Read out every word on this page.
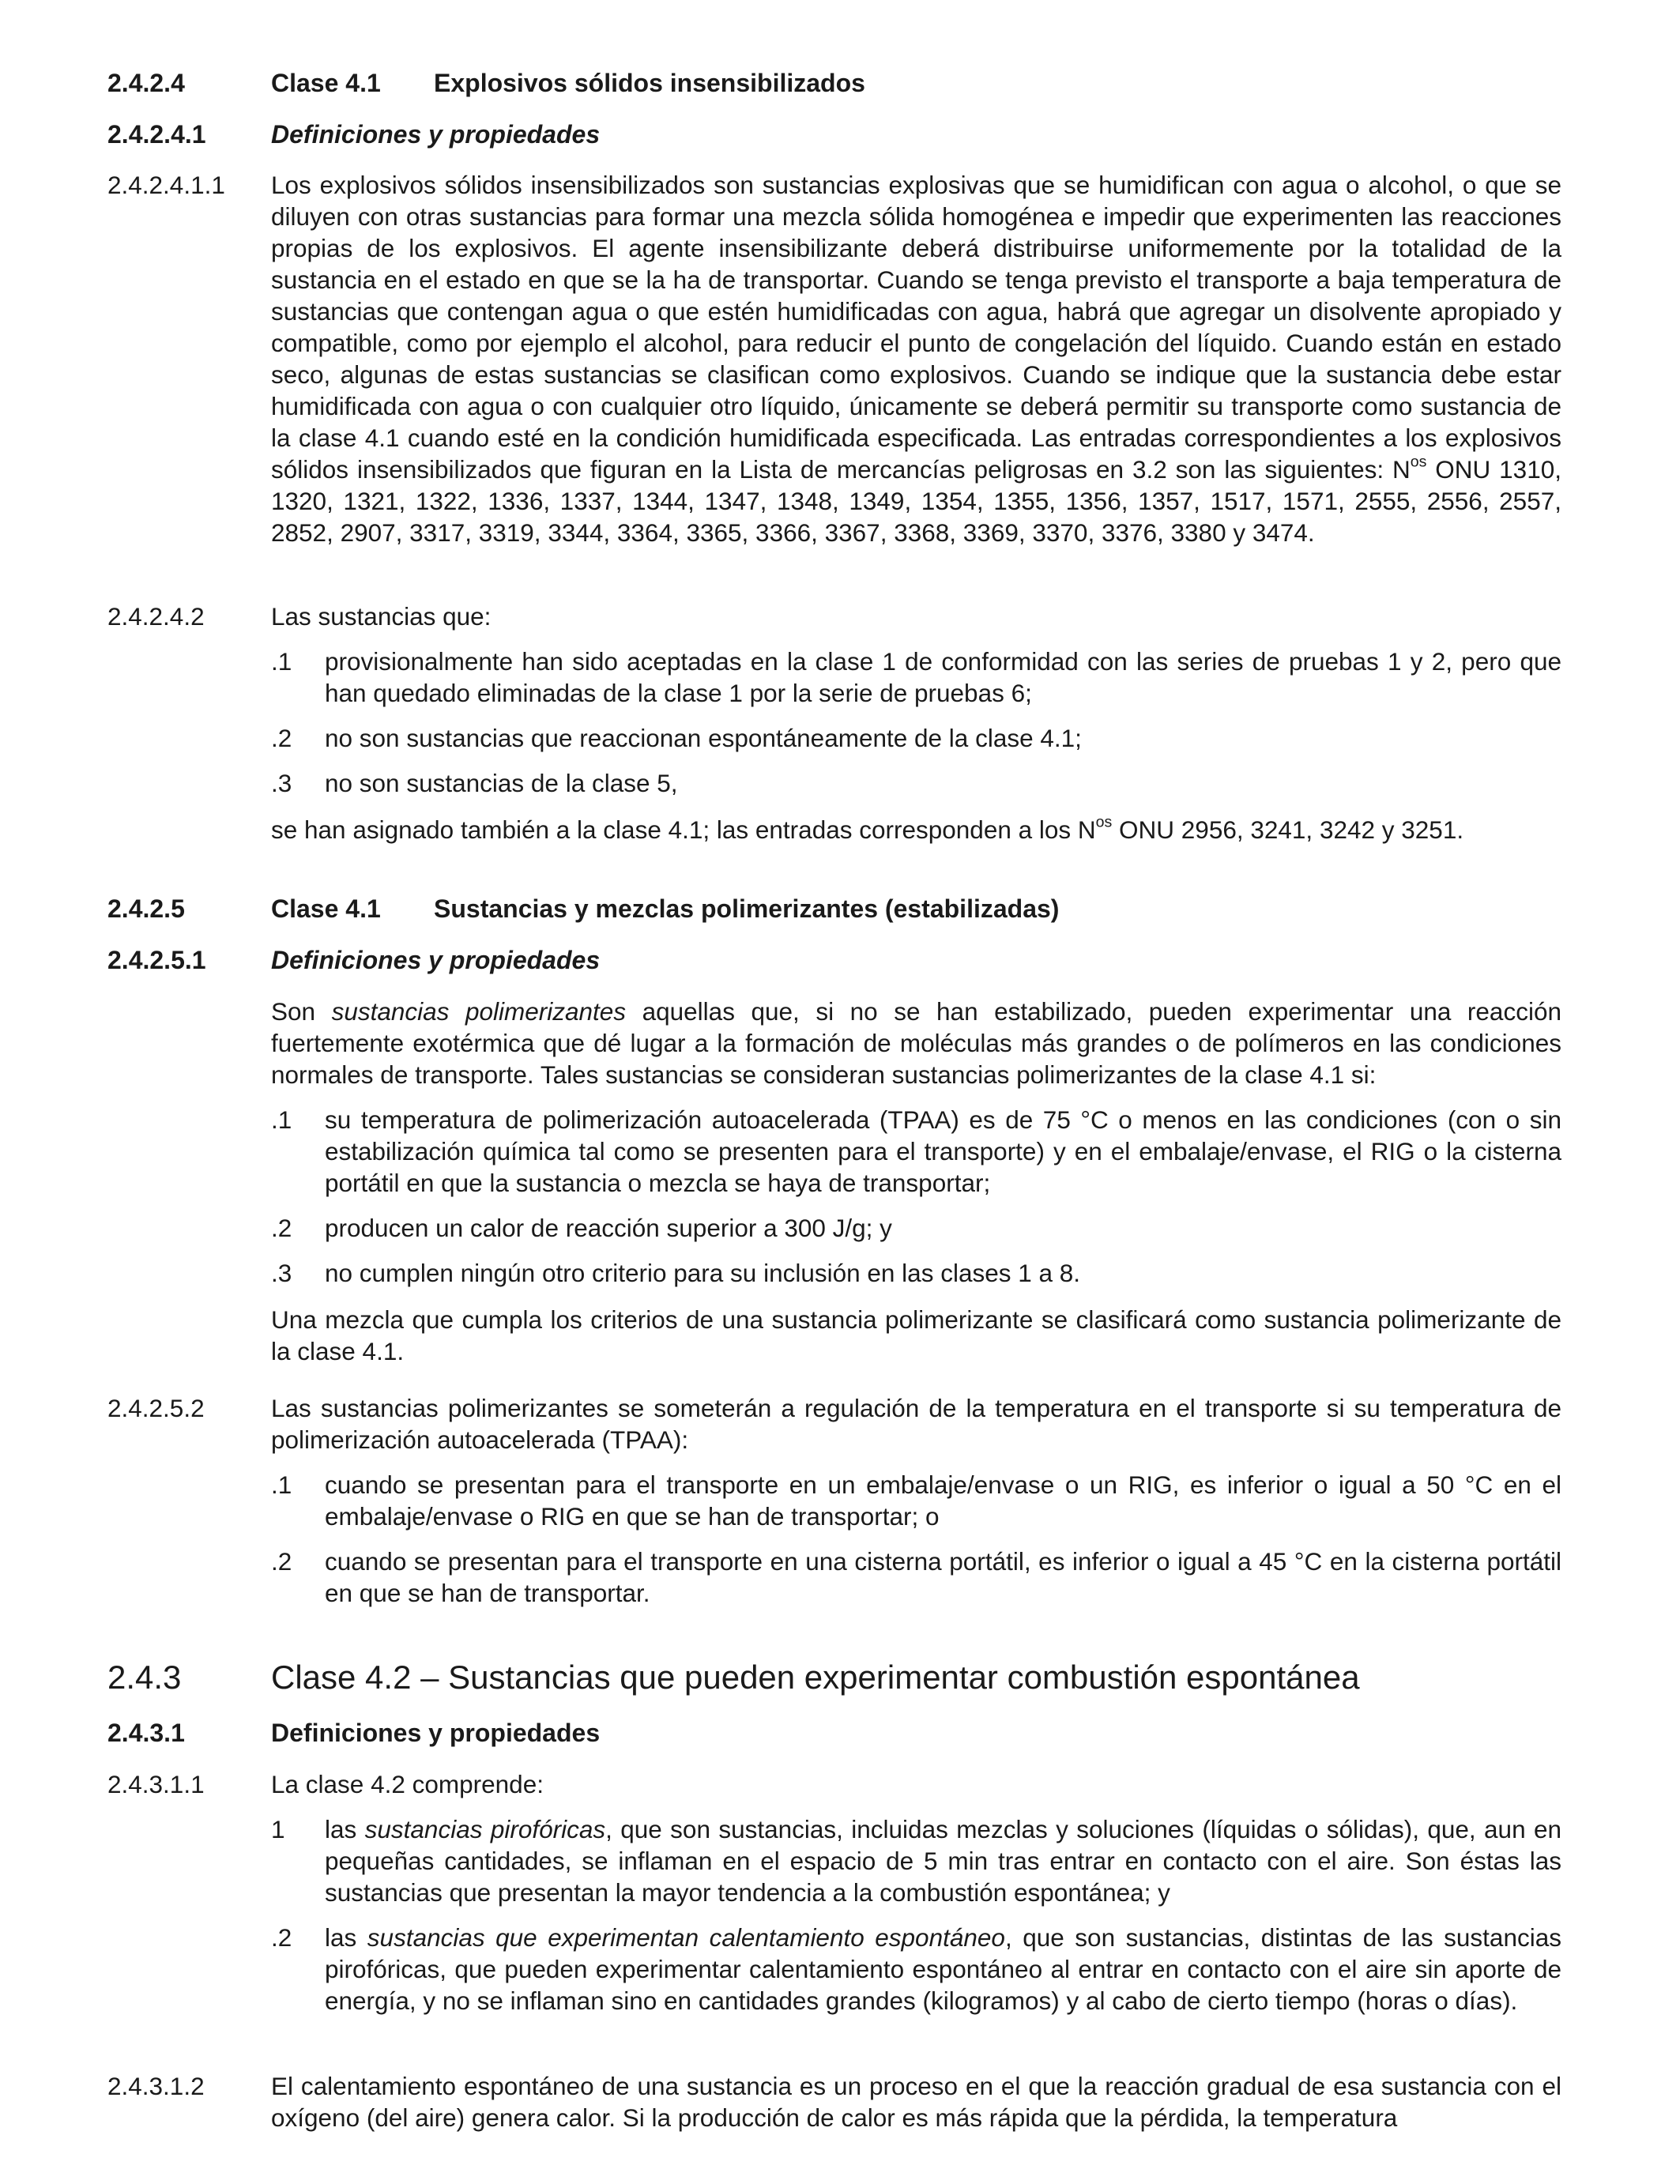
2.4.2.4	Clase 4.1 Explosivos sólidos insensibilizados
2.4.2.4.1	Definiciones y propiedades
2.4.2.4.1.1 Los explosivos sólidos insensibilizados son sustancias explosivas que se humidifican con agua o alcohol, o que se diluyen con otras sustancias para formar una mezcla sólida homogénea e impedir que experimenten las reacciones propias de los explosivos. El agente insensibilizante deberá distribuirse uniformemente por la totalidad de la sustancia en el estado en que se la ha de transportar. Cuando se tenga previsto el transporte a baja temperatura de sustancias que contengan agua o que estén humidificadas con agua, habrá que agregar un disolvente apropiado y compatible, como por ejemplo el alcohol, para reducir el punto de congelación del líquido. Cuando están en estado seco, algunas de estas sustancias se clasifican como explosivos. Cuando se indique que la sustancia debe estar humidificada con agua o con cualquier otro líquido, únicamente se deberá permitir su transporte como sustancia de la clase 4.1 cuando esté en la condición humidificada especificada. Las entradas correspondientes a los explosivos sólidos insensibilizados que figuran en la Lista de mercancías peligrosas en 3.2 son las siguientes: $N^{os}$ ONU 1310, 1320, 1321, 1322, 1336, 1337, 1344, 1347, 1348, 1349, 1354, 1355, 1356, 1357, 1517, 1571, 2555, 2556, 2557, 2852, 2907, 3317, 3319, 3344, 3364, 3365, 3366, 3367, 3368, 3369, 3370, 3376, 3380 y 3474.
2.4.2.4.2	Las sustancias que:
.1 provisionalmente han sido aceptadas en la clase 1 de conformidad con las series de pruebas 1 y 2, pero que han quedado eliminadas de la clase 1 por la serie de pruebas 6;
.2 no son sustancias que reaccionan espontáneamente de la clase 4.1;
.3 no son sustancias de la clase 5,
se han asignado también a la clase 4.1; las entradas corresponden a los $N^{os}$ ONU 2956, 3241, 3242 y 3251.
2.4.2.5	Clase 4.1 Sustancias y mezclas polimerizantes (estabilizadas)
2.4.2.5.1	Definiciones y propiedades
Son sustancias polimerizantes aquellas que, si no se han estabilizado, pueden experimentar una reacción fuertemente exotérmica que dé lugar a la formación de moléculas más grandes o de polímeros en las condiciones normales de transporte. Tales sustancias se consideran sustancias polimerizantes de la clase 4.1 si:
.1 su temperatura de polimerización autoacelerada (TPAA) es de 75 °C o menos en las condiciones (con o sin estabilización química tal como se presenten para el transporte) y en el embalaje/envase, el RIG o la cisterna portátil en que la sustancia o mezcla se haya de transportar;
.2 producen un calor de reacción superior a 300 J/g; y
.3 no cumplen ningún otro criterio para su inclusión en las clases 1 a 8.
Una mezcla que cumpla los criterios de una sustancia polimerizante se clasificará como sustancia polimerizante de la clase 4.1.
2.4.2.5.2	Las sustancias polimerizantes se someterán a regulación de la temperatura en el transporte si su temperatura de polimerización autoacelerada (TPAA):
.1 cuando se presentan para el transporte en un embalaje/envase o un RIG, es inferior o igual a 50 °C en el embalaje/envase o RIG en que se han de transportar; o
.2 cuando se presentan para el transporte en una cisterna portátil, es inferior o igual a 45 °C en la cisterna portátil en que se han de transportar.
2.4.3	Clase 4.2 – Sustancias que pueden experimentar combustión espontánea
2.4.3.1	Definiciones y propiedades
2.4.3.1.1	La clase 4.2 comprende:
1 las sustancias pirofóricas, que son sustancias, incluidas mezclas y soluciones (líquidas o sólidas), que, aun en pequeñas cantidades, se inflaman en el espacio de 5 min tras entrar en contacto con el aire. Son éstas las sustancias que presentan la mayor tendencia a la combustión espontánea; y
.2 las sustancias que experimentan calentamiento espontáneo, que son sustancias, distintas de las sustancias pirofóricas, que pueden experimentar calentamiento espontáneo al entrar en contacto con el aire sin aporte de energía, y no se inflaman sino en cantidades grandes (kilogramos) y al cabo de cierto tiempo (horas o días).
2.4.3.1.2	El calentamiento espontáneo de una sustancia es un proceso en el que la reacción gradual de esa sustancia con el oxígeno (del aire) genera calor. Si la producción de calor es más rápida que la pérdida, la temperatura
